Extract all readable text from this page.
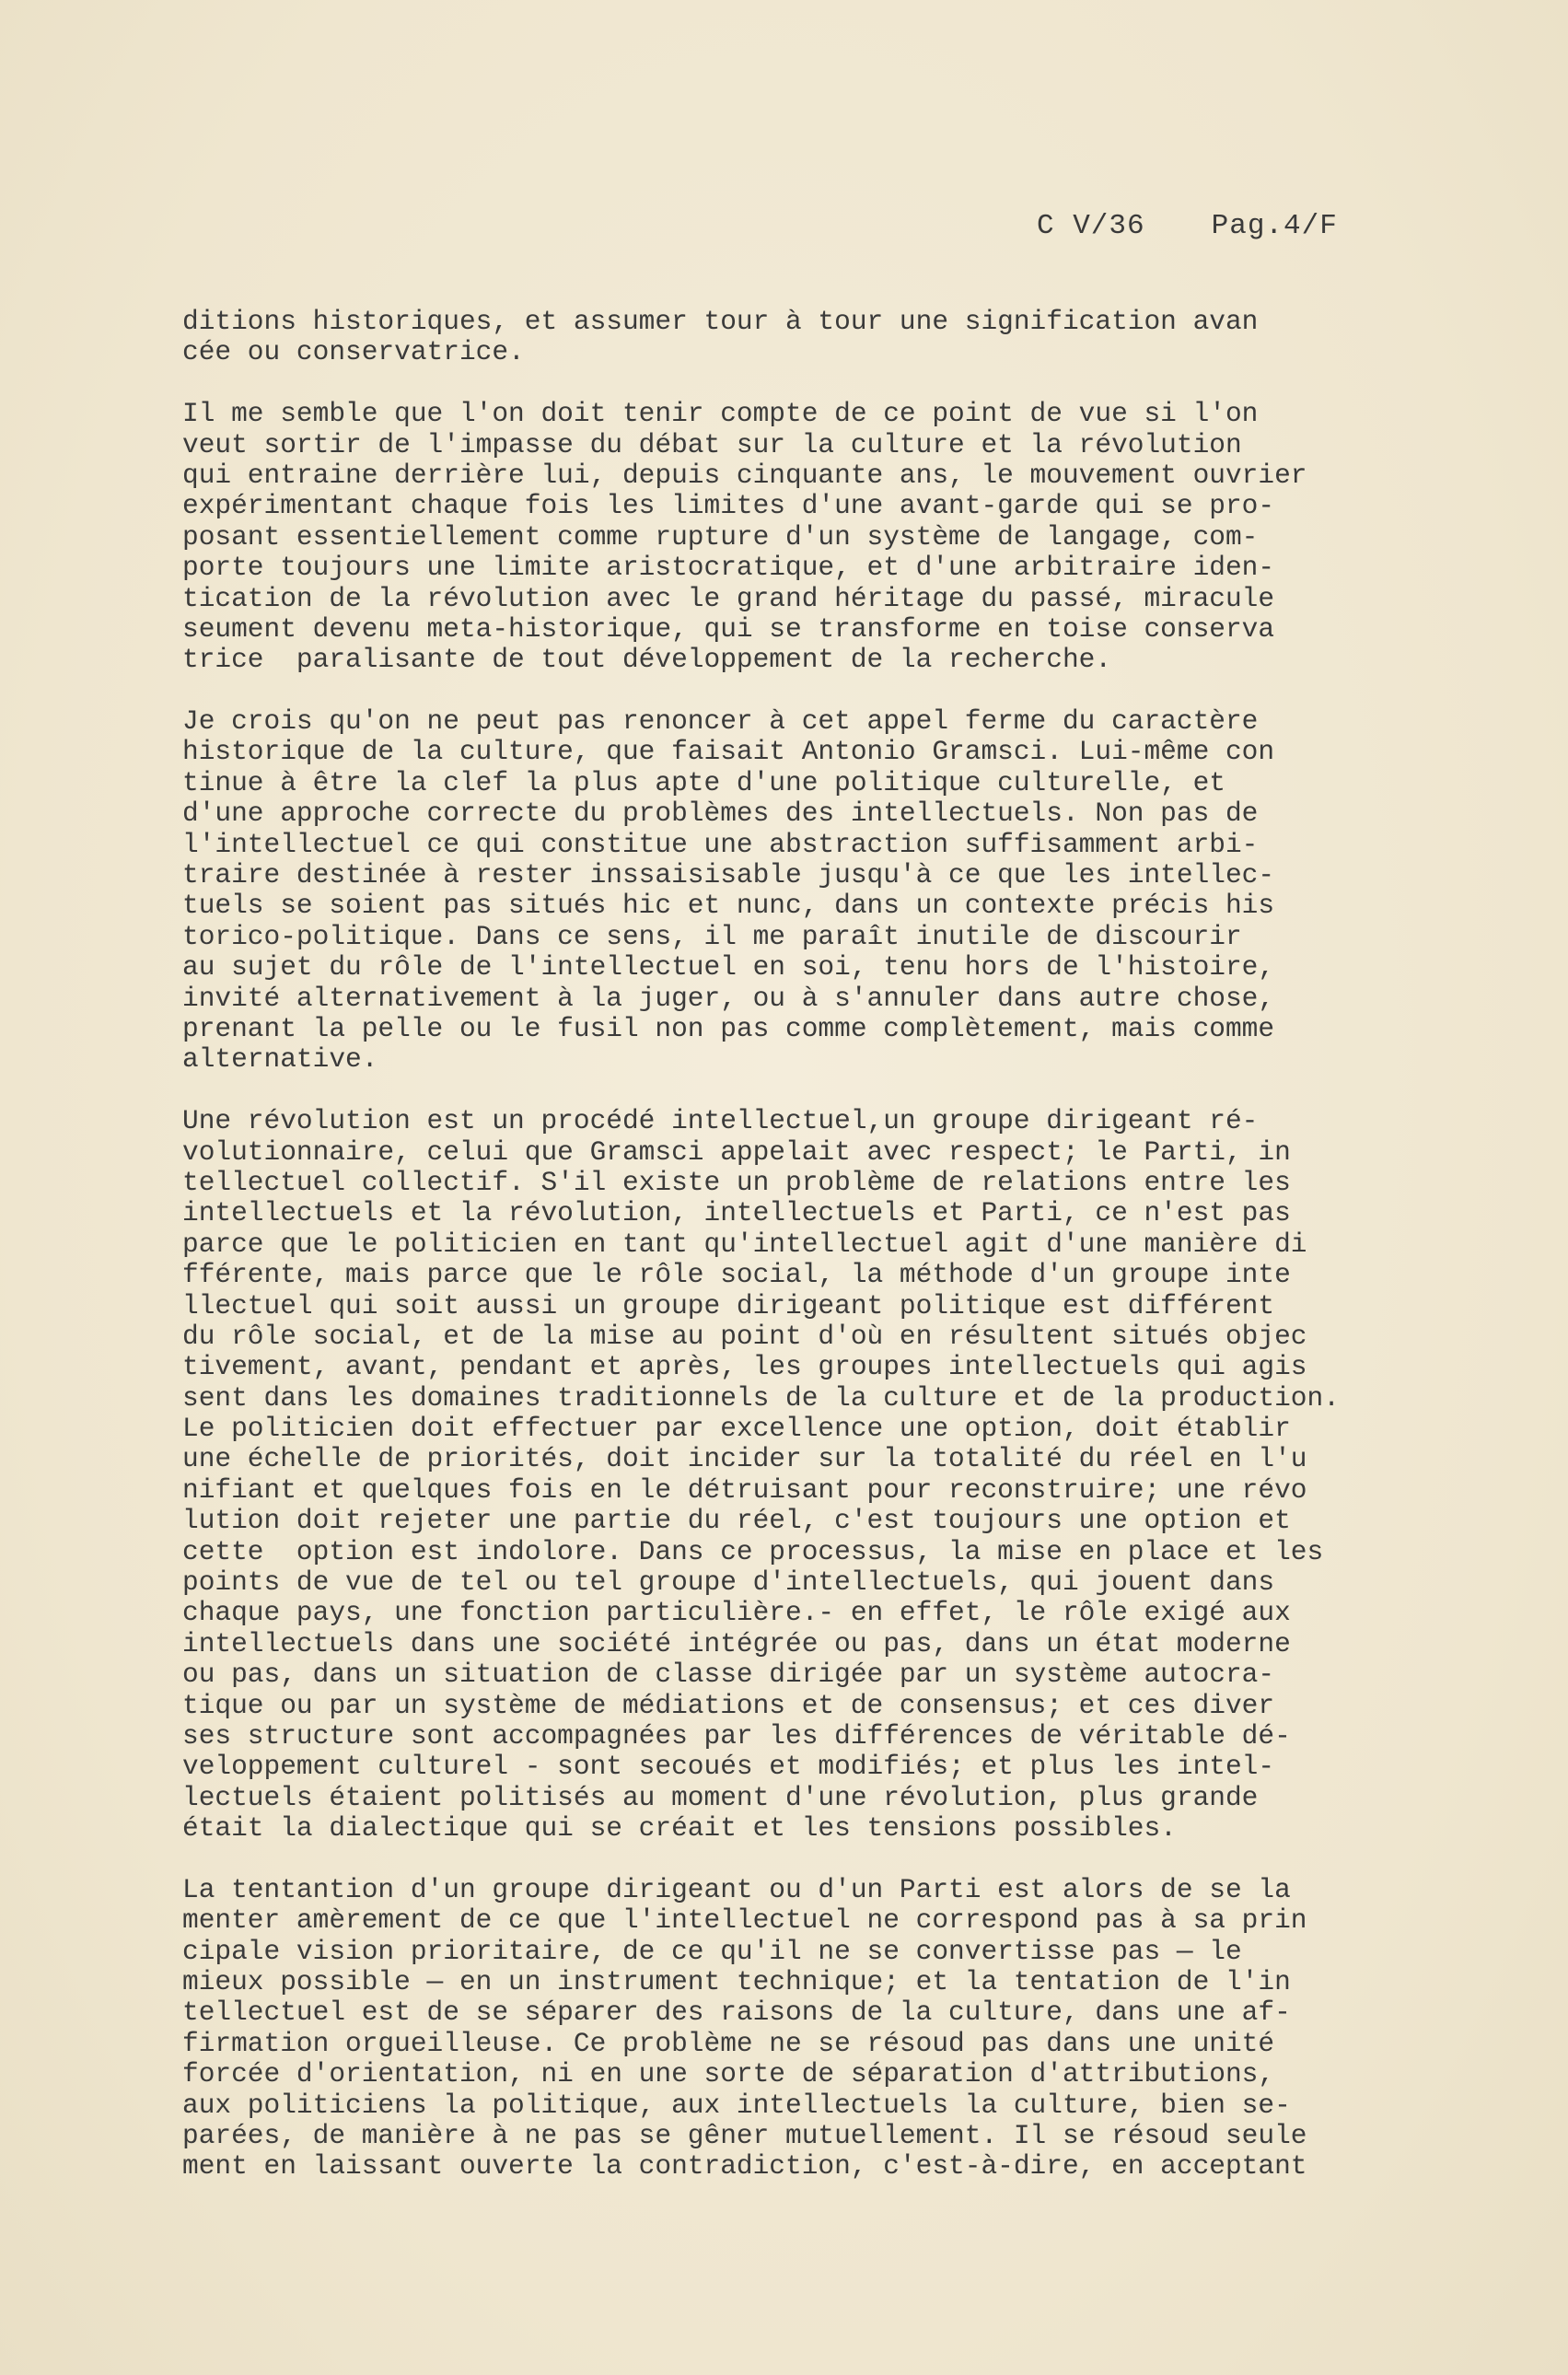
C V/36 Pag.4/F
ditions historiques, et assumer tour à tour une signification avan
cée ou conservatrice.
Il me semble que l'on doit tenir compte de ce point de vue si l'on
veut sortir de l'impasse du débat sur la culture et la révolution
qui entraine derrière lui, depuis cinquante ans, le mouvement ouvrier
expérimentant chaque fois les limites d'une avant-garde qui se pro-
posant essentiellement comme rupture d'un système de langage, com-
porte toujours une limite aristocratique, et d'une arbitraire iden-
tication de la révolution avec le grand héritage du passé, miracule
seument devenu meta-historique, qui se transforme en toise conserva
trice  paralisante de tout développement de la recherche.
Je crois qu'on ne peut pas renoncer à cet appel ferme du caractère
historique de la culture, que faisait Antonio Gramsci. Lui-même con
tinue à être la clef la plus apte d'une politique culturelle, et
d'une approche correcte du problèmes des intellectuels. Non pas de
l'intellectuel ce qui constitue une abstraction suffisamment arbi-
traire destinée à rester inssaisisable jusqu'à ce que les intellec-
tuels se soient pas situés hic et nunc, dans un contexte précis his
torico-politique. Dans ce sens, il me paraît inutile de discourir
au sujet du rôle de l'intellectuel en soi, tenu hors de l'histoire,
invité alternativement à la juger, ou à s'annuler dans autre chose,
prenant la pelle ou le fusil non pas comme complètement, mais comme
alternative.
Une révolution est un procédé intellectuel,un groupe dirigeant ré-
volutionnaire, celui que Gramsci appelait avec respect; le Parti, in
tellectuel collectif. S'il existe un problème de relations entre les
intellectuels et la révolution, intellectuels et Parti, ce n'est pas
parce que le politicien en tant qu'intellectuel agit d'une manière di
fférente, mais parce que le rôle social, la méthode d'un groupe inte
llectuel qui soit aussi un groupe dirigeant politique est différent
du rôle social, et de la mise au point d'où en résultent situés objec
tivement, avant, pendant et après, les groupes intellectuels qui agis
sent dans les domaines traditionnels de la culture et de la production.
Le politicien doit effectuer par excellence une option, doit établir
une échelle de priorités, doit incider sur la totalité du réel en l'u
nifiant et quelques fois en le détruisant pour reconstruire; une révo
lution doit rejeter une partie du réel, c'est toujours une option et
cette  option est indolore. Dans ce processus, la mise en place et les
points de vue de tel ou tel groupe d'intellectuels, qui jouent dans
chaque pays, une fonction particulière.- en effet, le rôle exigé aux
intellectuels dans une société intégrée ou pas, dans un état moderne
ou pas, dans un situation de classe dirigée par un système autocra-
tique ou par un système de médiations et de consensus; et ces diver
ses structure sont accompagnées par les différences de véritable dé-
veloppement culturel - sont secoués et modifiés; et plus les intel-
lectuels étaient politisés au moment d'une révolution, plus grande
était la dialectique qui se créait et les tensions possibles.
La tentantion d'un groupe dirigeant ou d'un Parti est alors de se la
menter amèrement de ce que l'intellectuel ne correspond pas à sa prin
cipale vision prioritaire, de ce qu'il ne se convertisse pas — le
mieux possible — en un instrument technique; et la tentation de l'in
tellectuel est de se séparer des raisons de la culture, dans une af-
firmation orgueilleuse. Ce problème ne se résoud pas dans une unité
forcée d'orientation, ni en une sorte de séparation d'attributions,
aux politiciens la politique, aux intellectuels la culture, bien se-
parées, de manière à ne pas se gêner mutuellement. Il se résoud seule
ment en laissant ouverte la contradiction, c'est-à-dire, en acceptant
